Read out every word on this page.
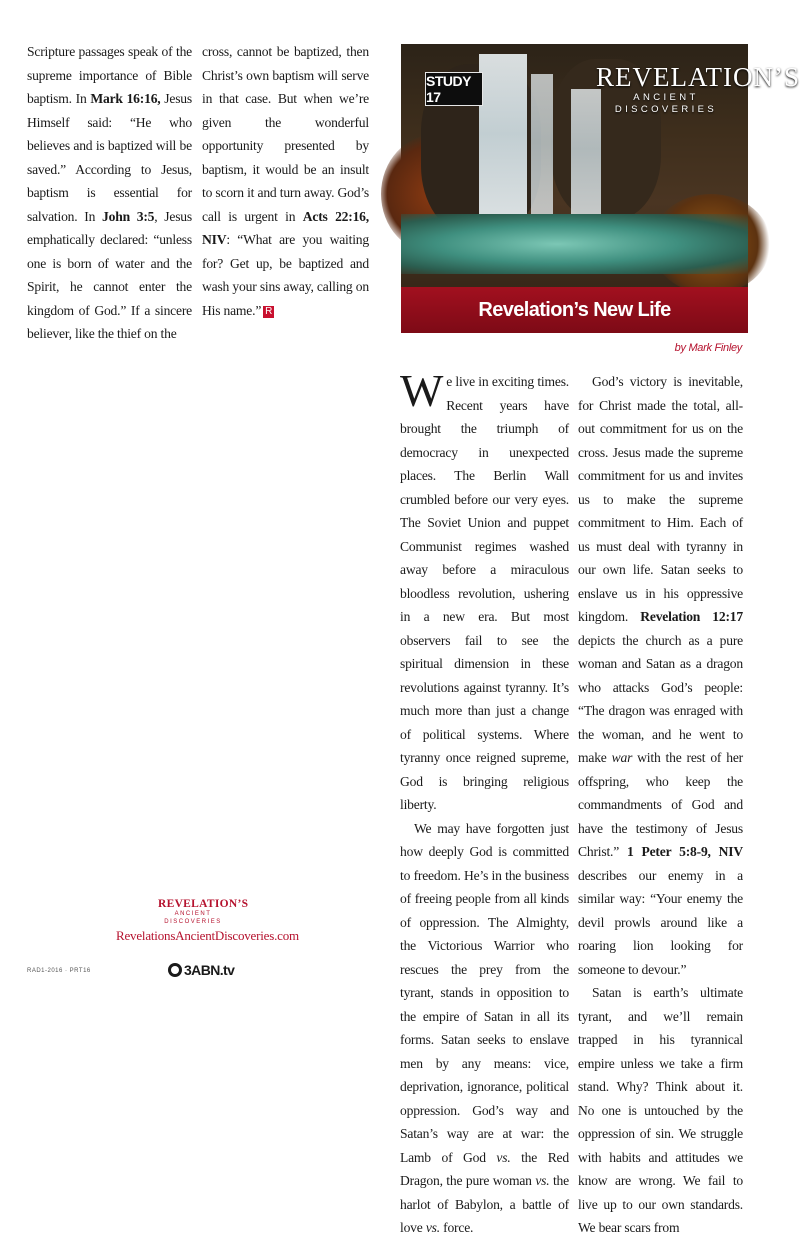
Scripture passages speak of the supreme importance of Bible baptism. In Mark 16:16, Jesus Himself said: “He who believes and is baptized will be saved.” According to Jesus, baptism is essential for salvation. In John 3:5, Jesus emphatically declared: “unless one is born of water and the Spirit, he cannot enter the kingdom of God.” If a sincere believer, like the thief on the

cross, cannot be baptized, then Christ’s own baptism will serve in that case. But when we’re given the wonderful opportunity presented by baptism, it would be an insult to scorn it and turn away. God’s call is urgent in Acts 22:16, NIV: “What are you waiting for? Get up, be baptized and wash your sins away, calling on His name.” R

STUDY 17
REVELATION’S
ANCIENT DISCOVERIES
Revelation’s New Life
by Mark Finley

We live in exciting times. Recent years have brought the triumph of democracy in unexpected places. The Berlin Wall crumbled before our very eyes. The Soviet Union and puppet Communist regimes washed away before a miraculous bloodless revolution, ushering in a new era. But most observers fail to see the spiritual dimension in these revolutions against tyranny. It’s much more than just a change of political systems. Where tyranny once reigned supreme, God is bringing religious liberty.

We may have forgotten just how deeply God is committed to freedom. He’s in the business of freeing people from all kinds of oppression. The Almighty, the Victorious Warrior who rescues the prey from the tyrant, stands in opposition to the empire of Satan in all its forms. Satan seeks to enslave men by any means: vice, deprivation, ignorance, political oppression. God’s way and Satan’s way are at war: the Lamb of God vs. the Red Dragon, the pure woman vs. the harlot of Babylon, a battle of love vs. force.

God’s victory is inevitable, for Christ made the total, all-out commitment for us on the cross. Jesus made the supreme commitment for us and invites us to make the supreme commitment to Him. Each of us must deal with tyranny in our own life. Satan seeks to enslave us in his oppressive kingdom. Revelation 12:17 depicts the church as a pure woman and Satan as a dragon who attacks God’s people: “The dragon was enraged with the woman, and he went to make war with the rest of her offspring, who keep the commandments of God and have the testimony of Jesus Christ.” 1 Peter 5:8-9, NIV describes our enemy in a similar way: “Your enemy the devil prowls around like a roaring lion looking for someone to devour.”

Satan is earth’s ultimate tyrant, and we’ll remain trapped in his tyrannical empire unless we take a firm stand. Why? Think about it. No one is untouched by the oppression of sin. We struggle with habits and attitudes we know are wrong. We fail to live up to our own standards. We bear scars from

REVELATION’S
ANCIENT DISCOVERIES
RevelationsAncientDiscoveries.com
RAD1-2016 · PRT16	3ABN.tv
